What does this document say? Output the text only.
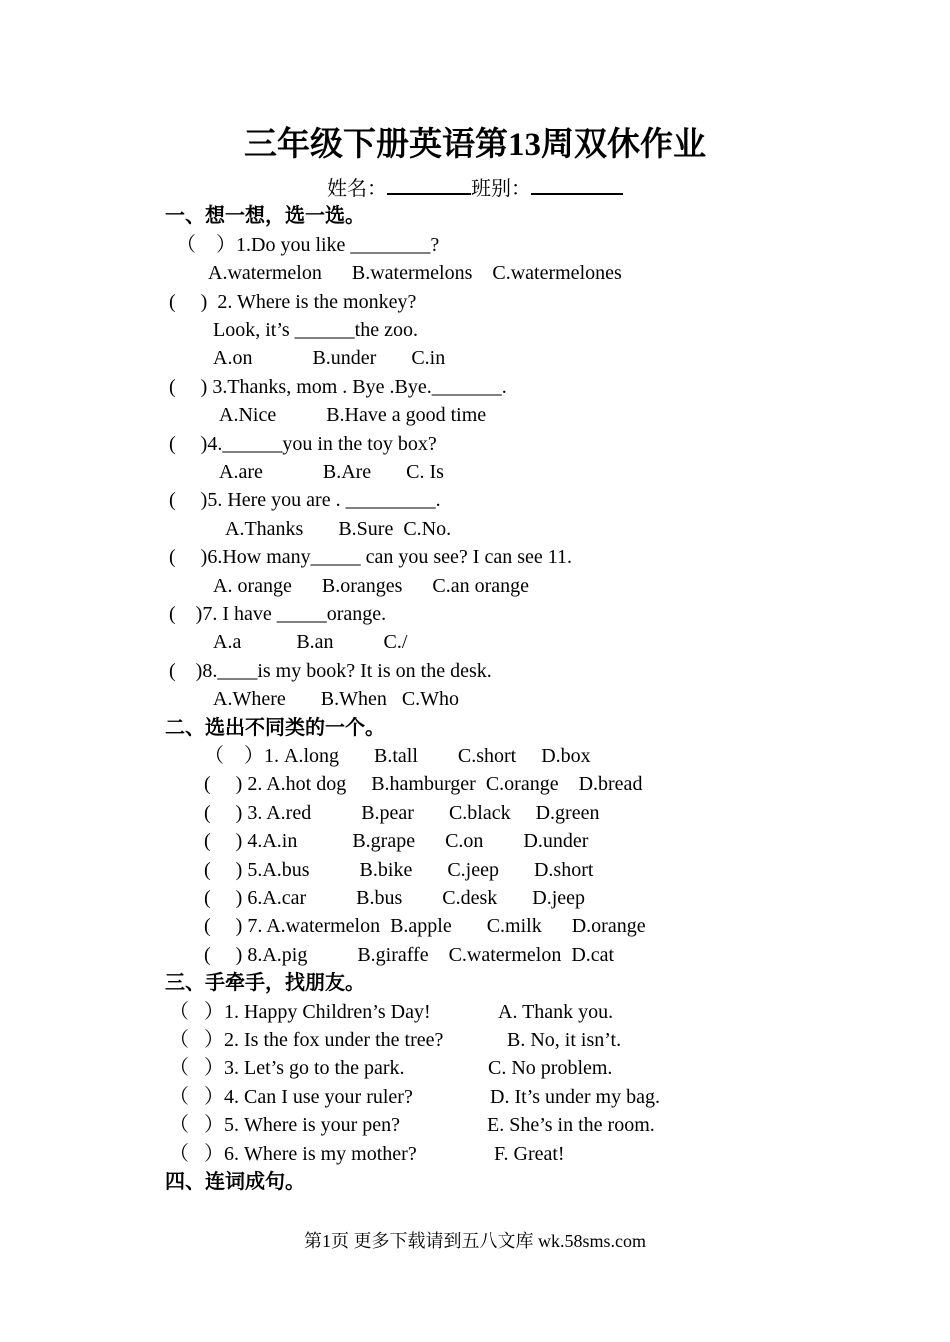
三年级下册英语第13周双休作业
姓名：	班别：
一、想一想，选一选。
（    ）1.Do you like ________?
A.watermelon      B.watermelons    C.watermelones
(     )  2. Where is the monkey?
Look, it’s ______the zoo.
A.on            B.under       C.in
(     ) 3.Thanks, mom . Bye .Bye._______.
A.Nice          B.Have a good time
(     )4.______you in the toy box?
A.are            B.Are       C. Is
(     )5. Here you are . _________.
A.Thanks       B.Sure  C.No.
(     )6.How many_____ can you see? I can see 11.
A. orange      B.oranges      C.an orange
(    )7. I have _____orange.
A.a           B.an          C./
(    )8.____is my book? It is on the desk.
A.Where       B.When   C.Who
二、选出不同类的一个。
（    ）1. A.long       B.tall        C.short     D.box
(     ) 2. A.hot dog     B.hamburger  C.orange    D.bread
(     ) 3. A.red          B.pear       C.black     D.green
(     ) 4.A.in           B.grape      C.on        D.under
(     ) 5.A.bus          B.bike       C.jeep       D.short
(     ) 6.A.car          B.bus        C.desk       D.jeep
(     ) 7. A.watermelon  B.apple       C.milk      D.orange
(     ) 8.A.pig          B.giraffe    C.watermelon  D.cat
三、手牵手，找朋友。
（   ）1. Happy Children’s Day!	A. Thank you.
（   ）2. Is the fox under the tree?	B. No, it isn’t.
（   ）3. Let’s go to the park.	C. No problem.
（   ）4. Can I use your ruler?	D. It’s under my bag.
（   ）5. Where is your pen?	E. She’s in the room.
（   ）6. Where is my mother?	F. Great!
四、连词成句。
第1页 更多下载请到五八文库 wk.58sms.com
